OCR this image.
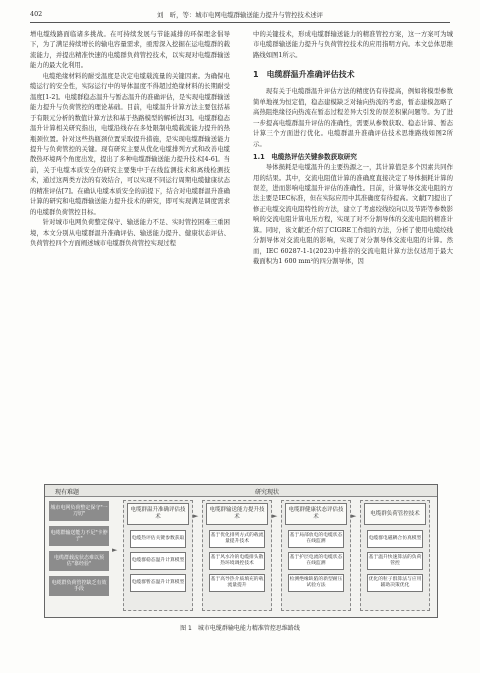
402	刘　昕，等：城市电网电缆群输送能力提升与管控技术述评

增电缆线路面临诸多挑战。在可持续发展与节能减排的环保理念倡导下，为了满足持续增长的输电容量需求，亟需深入挖掘在运电缆群的载流能力，并提出精准快速的电缆群负荷管控技术，以实现对电缆群输送能力的最大化利用。

电缆绝缘材料的耐受温度是决定电缆载流量的关键因素。为确保电缆运行的安全性，实际运行中的导体温度不得超过绝缘材料的长期耐受温度[1-2]。电缆群稳态温升与暂态温升的准确评估，是实现电缆群输送能力提升与负荷管控的理论基础。目前，电缆温升计算方法主要包括基于有限元分析的数值计算方法和基于热路模型的解析法[3]。电缆群稳态温升计算相关研究指出，电缆沿线存在多处限制电缆载流能力提升的热瓶颈位置。针对这些热瓶颈位置采取提升措施，是实现电缆群输送能力提升与负荷管控的关键。现有研究主要从优化电缆排列方式和改善电缆散热环境两个角度出发，提出了多种电缆群输送能力提升技术[4-6]。当前，关于电缆本质安全的研究主要集中于在线监测技术和离线检测技术，通过这两类方法的有效结合，可以实现不同运行周期电缆健康状态的精准评估[7]。在确认电缆本质安全的前提下，结合对电缆群温升准确计算的研究和电缆群输送能力提升技术的研究，即可实现满足调度需求的电缆群负荷管控目标。

针对城市电网负荷整定保守、输送能力不足、实时管控困难三重困境，本文分别从电缆群温升准确评估、输送能力提升、健康状态评估、负荷管控四个方面阐述城市电缆群负荷管控实现过程

中的关键技术，形成电缆群输送能力的精准管控方案，这一方案可为城市电缆群输送能力提升与负荷管控技术的应用指明方向。本文总体思维路线如图1所示。

1　电缆群温升准确评估技术

现有关于电缆群温升评估方法的精度仍有待提高，例如将模型参数简单地视为恒定值，稳态建模缺乏对轴向热流的考虑，暂态建模忽略了高热阻绝缘径向热流在暂态过程差异大引发的误差积累问题等。为了进一步提高电缆群温升评估的准确性，需要从参数获取、稳态计算、暂态计算三个方面进行优化。电缆群温升准确评估技术思维路线如图2所示。

1.1　电缆热评估关键参数获取研究

导体损耗是电缆温升的主要热源之一，其计算值是多个因素共同作用的结果。其中，交流电阻值计算的准确度直接决定了导体损耗计算的误差，进而影响电缆温升评估的准确性。目前，计算导体交流电阻的方法主要是IEC标准，但在实际应用中其准确度有待提高。文献[7]提出了修正电缆交流电阻特性的方法，建立了考虑绞线绞向以及节距等参数影响的交流电阻计算电压方程，实现了对不分割导体的交流电阻的精准计算。同时，该文献还介绍了CIGRE工作组的方法，分析了使用电缆绞线分割导体对交流电阻的影响，实现了对分割导体交流电阻的计算。然而，IEC 60287-1-1(2023)中推荐的交流电阻计算方法仅适用于最大截面积为1 600 mm²的四分割导体，因

现有难题	研究现状
城市电网负荷整定保守"一刀切"
电缆群输送能力不足"卡脖子"
电缆群载流状态难以预估"靠经验"
电缆群负荷管控缺乏有效手段
►
电缆群温升准确评估技术
电缆热评估关键参数获取
电缆群稳态温升计算模型
电缆群暂态温升计算模型
►
电缆群输送能力提升技术
基于优化排列方式的载流量提升技术
基于风水冷的电缆排头散热环境调控技术
基于高导热介质填充的载流量提升
►
电缆群健康状态评估技术
基于局部放电的电缆状态在线监测
基于护层电流的电缆状态在线监测
检测绝缘缺陷的新型耐压试验方法
►	电缆群负荷管控技术
电缆群电磁耦合仿真模型
基于温升快速算法的负荷管控
优化的粒子群算法与应用辅助决策优化
图 1　城市电缆群输电能力精准管控思维路线
